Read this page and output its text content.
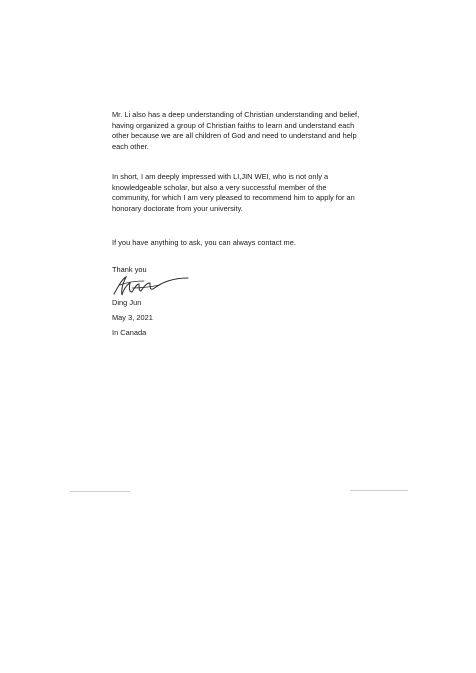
Mr. Li also has a deep understanding of Christian understanding and belief,
having organized a group of Christian faiths to learn and understand each
other because we are all children of God and need to understand and help
each other.

In short, I am deeply impressed with LI,JIN WEI, who is not only a
knowledgeable scholar, but also a very successful member of the
community, for which I am very pleased to recommend him to apply for an
honorary doctorate from your university.

If you have anything to ask, you can always contact me.

Thank you
Ding Jun
May 3, 2021
In Canada
